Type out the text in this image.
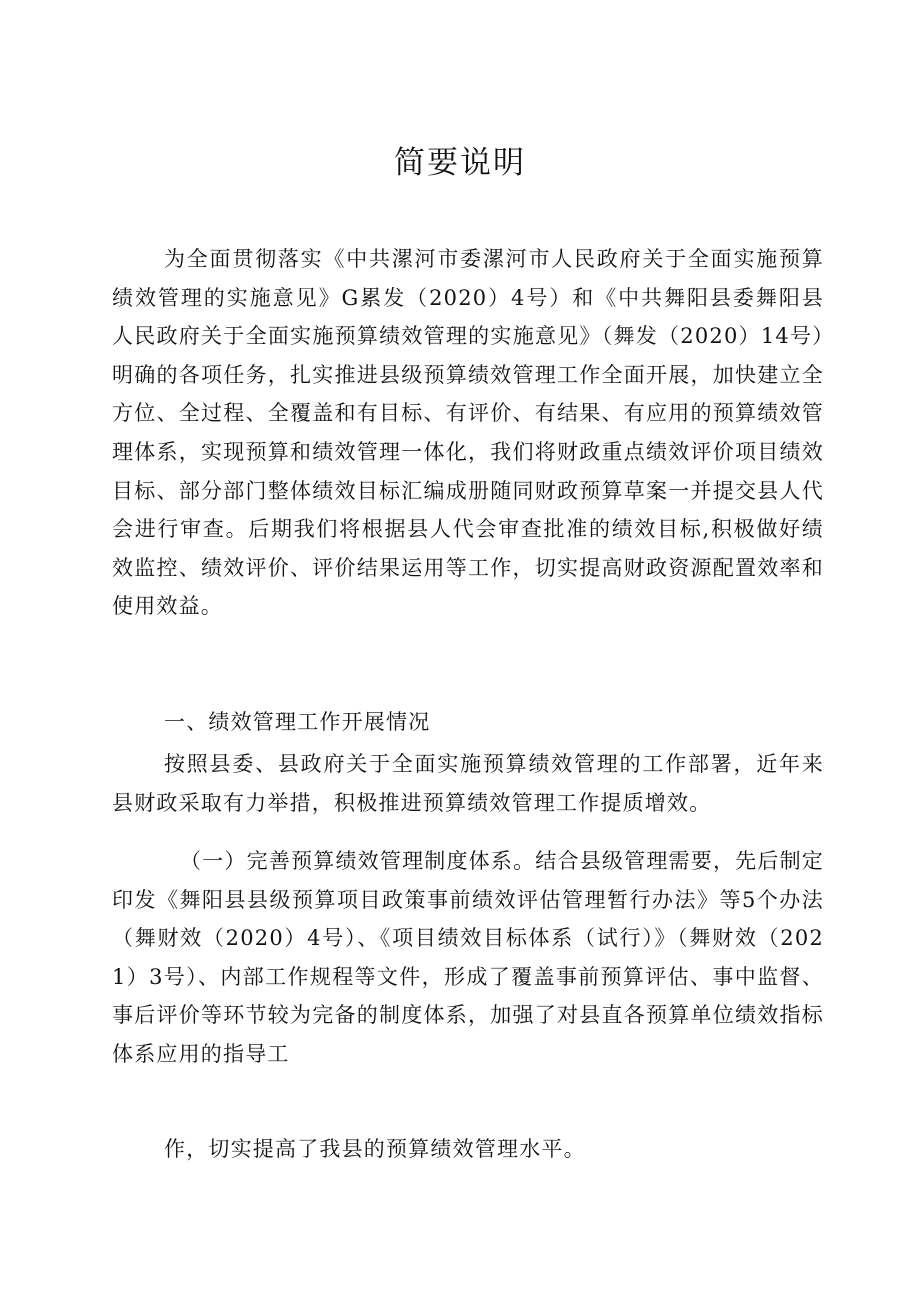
简要说明
为全面贯彻落实《中共漯河市委漯河市人民政府关于全面实施预算绩效管理的实施意见》G累发（2020）4号）和《中共舞阳县委舞阳县人民政府关于全面实施预算绩效管理的实施意见》（舞发（2020）14号）明确的各项任务，扎实推进县级预算绩效管理工作全面开展，加快建立全方位、全过程、全覆盖和有目标、有评价、有结果、有应用的预算绩效管理体系，实现预算和绩效管理一体化，我们将财政重点绩效评价项目绩效目标、部分部门整体绩效目标汇编成册随同财政预算草案一并提交县人代会进行审查。后期我们将根据县人代会审查批准的绩效目标,积极做好绩效监控、绩效评价、评价结果运用等工作，切实提高财政资源配置效率和使用效益。
一、绩效管理工作开展情况
按照县委、县政府关于全面实施预算绩效管理的工作部署，近年来县财政采取有力举措，积极推进预算绩效管理工作提质增效。
（一）完善预算绩效管理制度体系。结合县级管理需要，先后制定印发《舞阳县县级预算项目政策事前绩效评估管理暂行办法》等5个办法（舞财效（2020）4号）、《项目绩效目标体系（试行）》（舞财效（2021）3号）、内部工作规程等文件，形成了覆盖事前预算评估、事中监督、事后评价等环节较为完备的制度体系，加强了对县直各预算单位绩效指标体系应用的指导工
作，切实提高了我县的预算绩效管理水平。
